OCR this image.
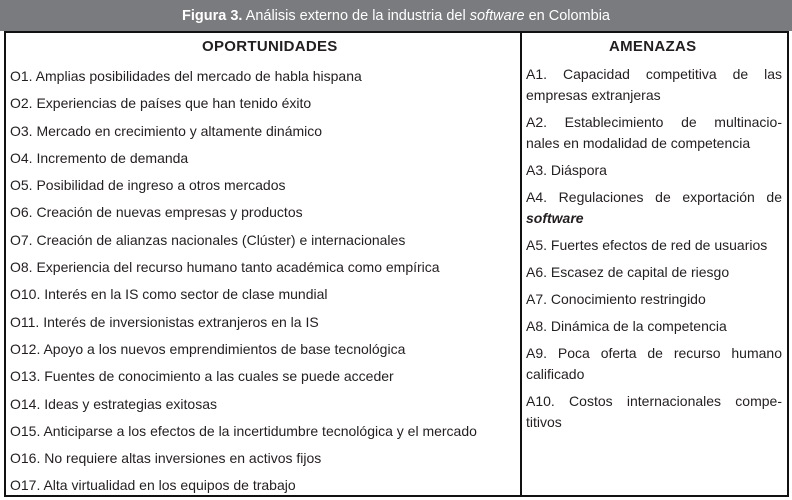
Figura 3. Análisis externo de la industria del software en Colombia
OPORTUNIDADES	AMENAZAS
O1. Amplias posibilidades del mercado de habla hispana
O2. Experiencias de países que han tenido éxito
O3. Mercado en crecimiento y altamente dinámico
O4. Incremento de demanda
O5. Posibilidad de ingreso a otros mercados
O6. Creación de nuevas empresas y productos
O7. Creación de alianzas nacionales (Clúster) e internacionales
O8. Experiencia del recurso humano tanto académica como empírica
O10. Interés en la IS como sector de clase mundial
O11. Interés de inversionistas extranjeros en la IS
O12. Apoyo a los nuevos emprendimientos de base tecnológica
O13. Fuentes de conocimiento a las cuales se puede acceder
O14. Ideas y estrategias exitosas
O15. Anticiparse a los efectos de la incertidumbre tecnológica y el mercado
O16. No requiere altas inversiones en activos fijos
O17. Alta virtualidad en los equipos de trabajo
A1. Capacidad competitiva de las
empresas extranjeras
A2. Establecimiento de multinacio-
nales en modalidad de competencia
A3. Diáspora
A4. Regulaciones de exportación de
software
A5. Fuertes efectos de red de usuarios
A6. Escasez de capital de riesgo
A7. Conocimiento restringido
A8. Dinámica de la competencia
A9. Poca oferta de recurso humano
calificado
A10. Costos internacionales compe-
titivos
